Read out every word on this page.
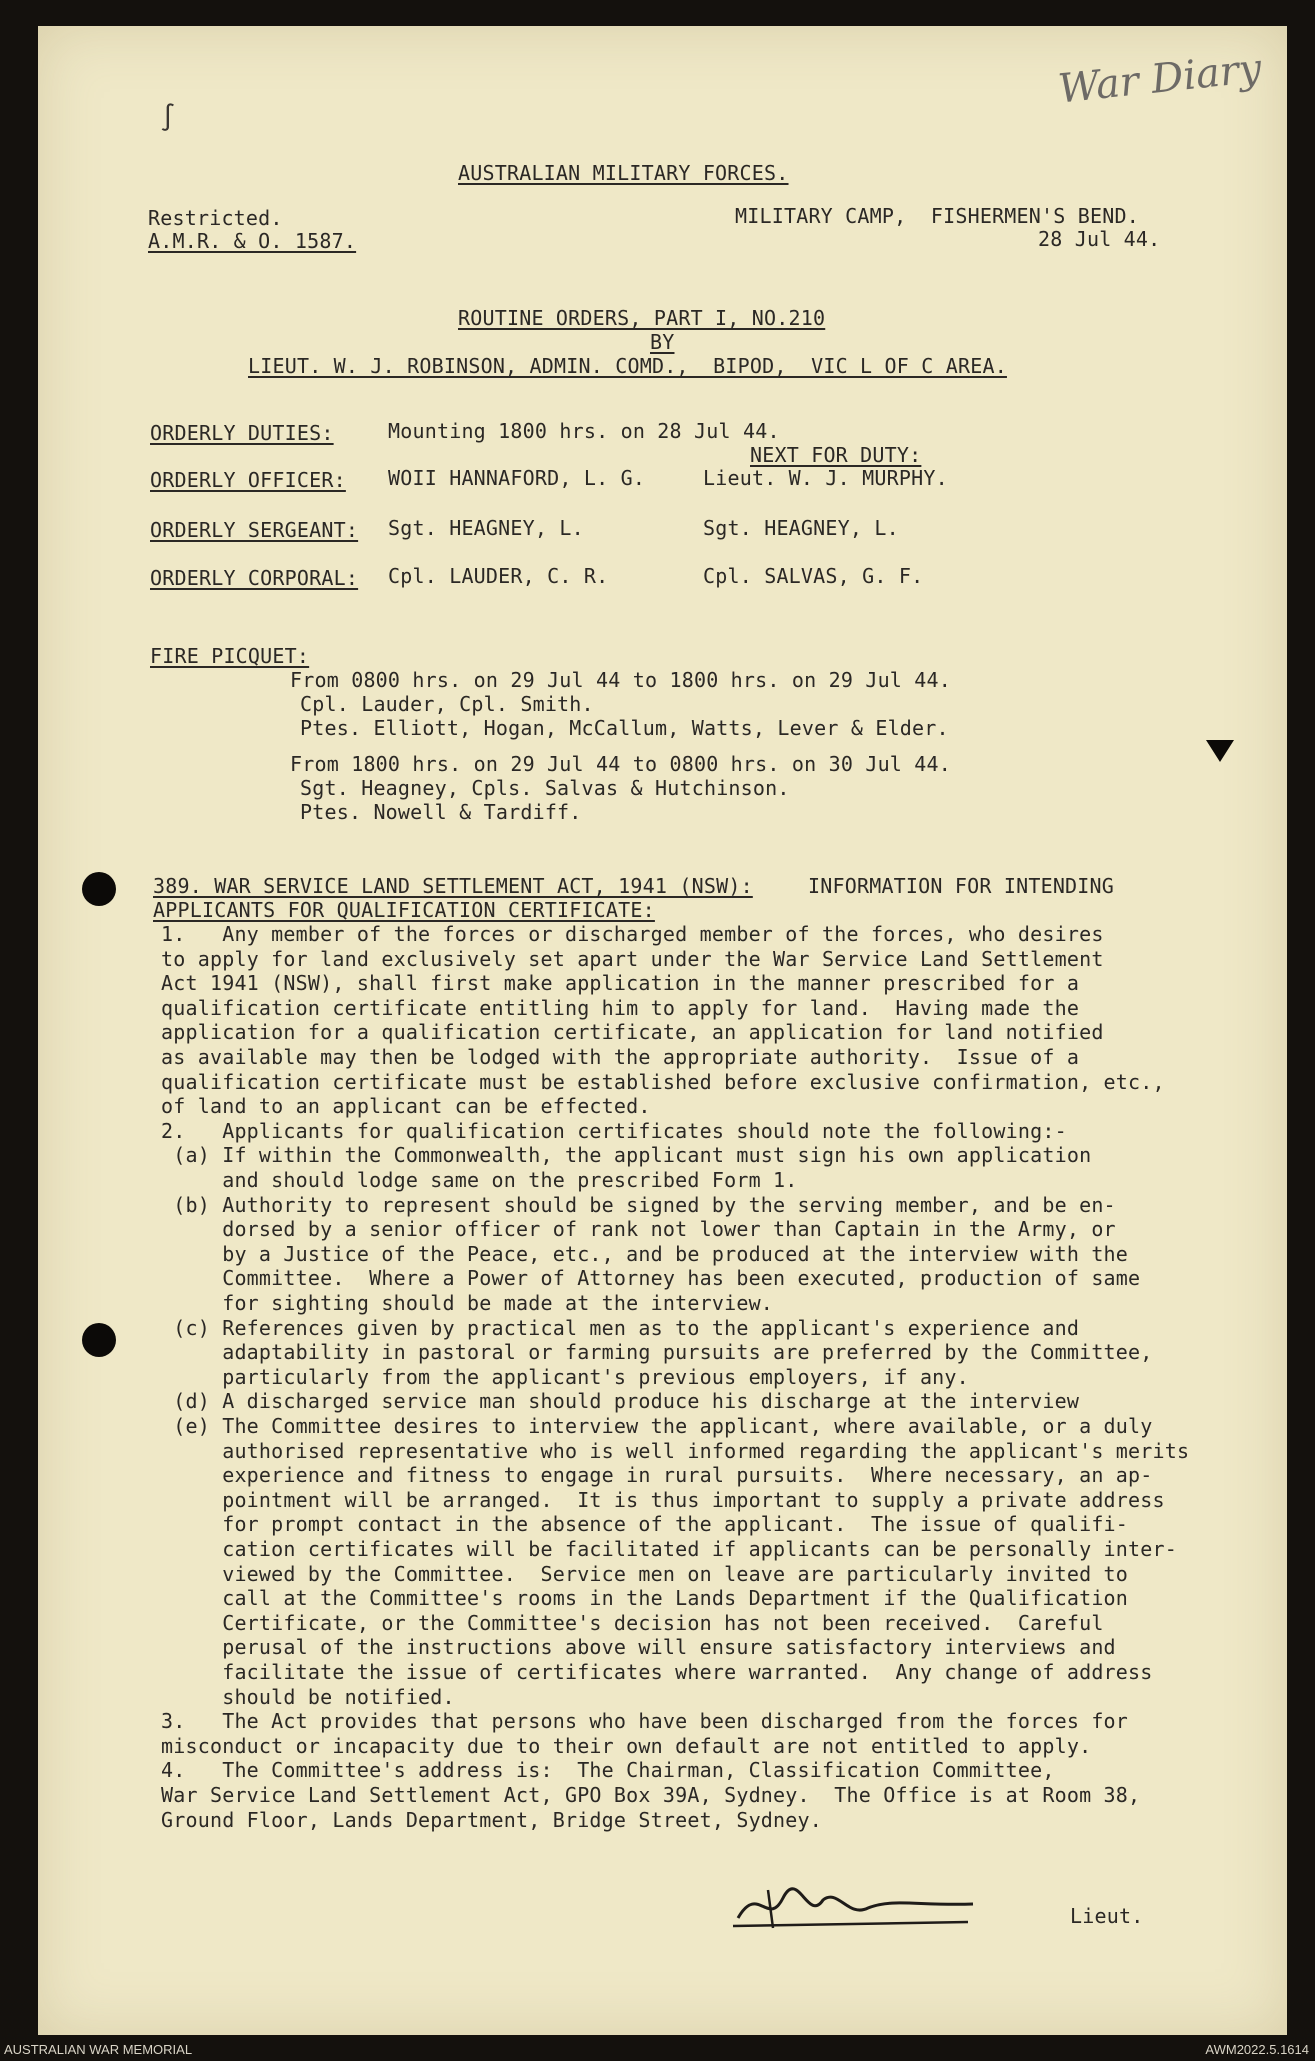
War Diary
∫
AUSTRALIAN MILITARY FORCES.
Restricted.
A.M.R. & O. 1587.
MILITARY CAMP,  FISHERMEN'S BEND.
28 Jul 44.
ROUTINE ORDERS, PART I, NO.210
BY
LIEUT. W. J. ROBINSON, ADMIN. COMD.,  BIPOD,  VIC L OF C AREA.
ORDERLY DUTIES:	Mounting 1800 hrs. on 28 Jul 44.
NEXT FOR DUTY:
ORDERLY OFFICER: WOII HANNAFORD, L. G.	Lieut. W. J. MURPHY.
ORDERLY SERGEANT: Sgt. HEAGNEY, L.	Sgt. HEAGNEY, L.
ORDERLY CORPORAL: Cpl. LAUDER, C. R.	Cpl. SALVAS, G. F.
FIRE PICQUET:
From 0800 hrs. on 29 Jul 44 to 1800 hrs. on 29 Jul 44.
Cpl. Lauder, Cpl. Smith.
Ptes. Elliott, Hogan, McCallum, Watts, Lever & Elder.
From 1800 hrs. on 29 Jul 44 to 0800 hrs. on 30 Jul 44.
Sgt. Heagney, Cpls. Salvas & Hutchinson.
Ptes. Nowell & Tardiff.
389. WAR SERVICE LAND SETTLEMENT ACT, 1941 (NSW):	INFORMATION FOR INTENDING
APPLICANTS FOR QUALIFICATION CERTIFICATE:
1.   Any member of the forces or discharged member of the forces, who desires
to apply for land exclusively set apart under the War Service Land Settlement
Act 1941 (NSW), shall first make application in the manner prescribed for a
qualification certificate entitling him to apply for land.  Having made the
application for a qualification certificate, an application for land notified
as available may then be lodged with the appropriate authority.  Issue of a
qualification certificate must be established before exclusive confirmation, etc.,
of land to an applicant can be effected.
2.   Applicants for qualification certificates should note the following:-
(a) If within the Commonwealth, the applicant must sign his own application
and should lodge same on the prescribed Form 1.
(b) Authority to represent should be signed by the serving member, and be en-
dorsed by a senior officer of rank not lower than Captain in the Army, or
by a Justice of the Peace, etc., and be produced at the interview with the
Committee.  Where a Power of Attorney has been executed, production of same
for sighting should be made at the interview.
(c) References given by practical men as to the applicant's experience and
adaptability in pastoral or farming pursuits are preferred by the Committee,
particularly from the applicant's previous employers, if any.
(d) A discharged service man should produce his discharge at the interview
(e) The Committee desires to interview the applicant, where available, or a duly
authorised representative who is well informed regarding the applicant's merits
experience and fitness to engage in rural pursuits.  Where necessary, an ap-
pointment will be arranged.  It is thus important to supply a private address
for prompt contact in the absence of the applicant.  The issue of qualifi-
cation certificates will be facilitated if applicants can be personally inter-
viewed by the Committee.  Service men on leave are particularly invited to
call at the Committee's rooms in the Lands Department if the Qualification
Certificate, or the Committee's decision has not been received.  Careful
perusal of the instructions above will ensure satisfactory interviews and
facilitate the issue of certificates where warranted.  Any change of address
should be notified.
3.   The Act provides that persons who have been discharged from the forces for
misconduct or incapacity due to their own default are not entitled to apply.
4.   The Committee's address is:  The Chairman, Classification Committee,
War Service Land Settlement Act, GPO Box 39A, Sydney.  The Office is at Room 38,
Ground Floor, Lands Department, Bridge Street, Sydney.
Lieut.
AUSTRALIAN WAR MEMORIAL	AWM2022.5.1614
